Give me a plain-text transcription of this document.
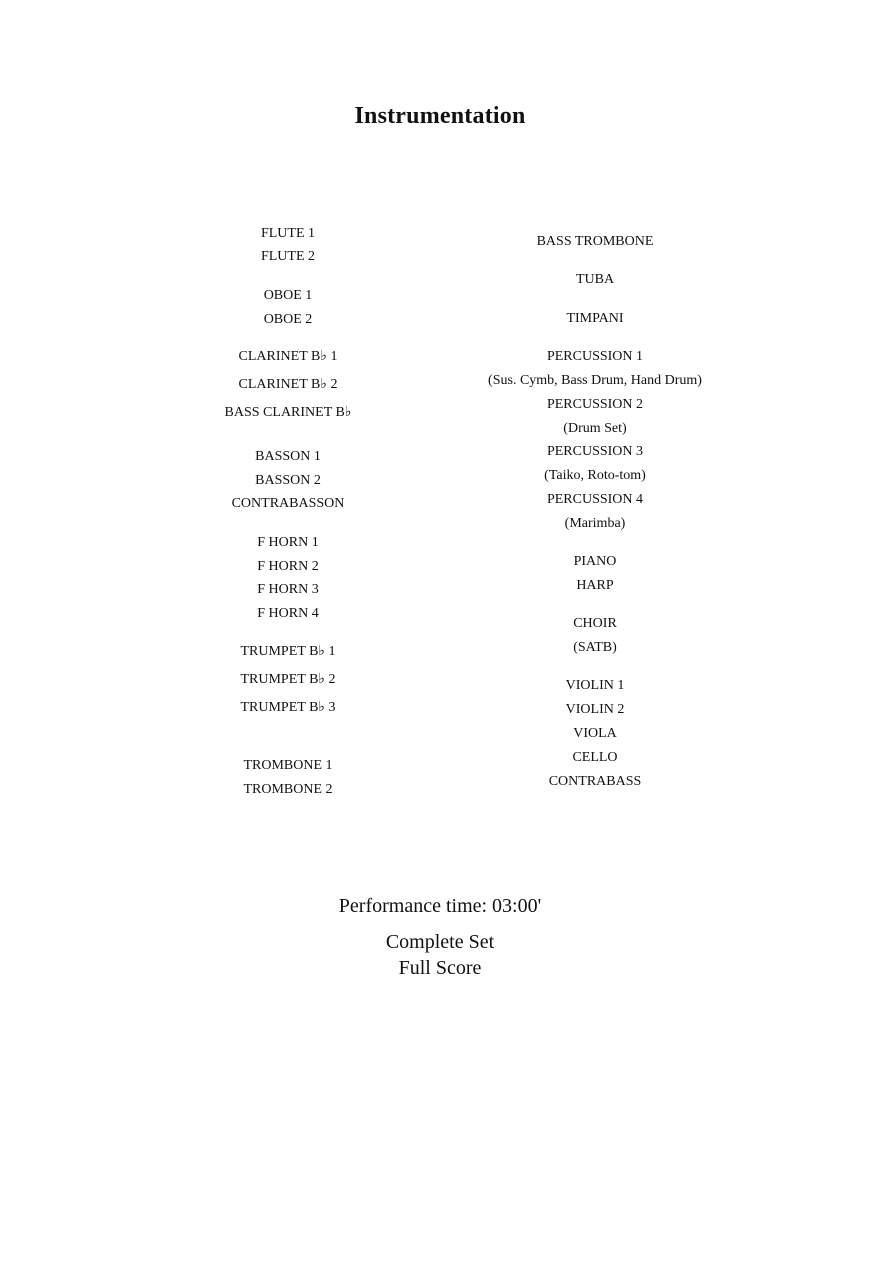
Instrumentation
FLUTE 1
FLUTE 2
OBOE 1
OBOE 2
CLARINET B♭ 1
CLARINET B♭ 2
BASS CLARINET B♭
BASSON 1
BASSON 2
CONTRABASSON
F HORN 1
F HORN 2
F HORN 3
F HORN 4
TRUMPET B♭ 1
TRUMPET B♭ 2
TRUMPET B♭ 3
TROMBONE 1
TROMBONE 2
BASS TROMBONE
TUBA
TIMPANI
PERCUSSION 1
(Sus. Cymb, Bass Drum, Hand Drum)
PERCUSSION 2
(Drum Set)
PERCUSSION 3
(Taiko, Roto-tom)
PERCUSSION 4
(Marimba)
PIANO
HARP
CHOIR
(SATB)
VIOLIN 1
VIOLIN 2
VIOLA
CELLO
CONTRABASS
Performance time: 03:00'
Complete Set
Full Score
